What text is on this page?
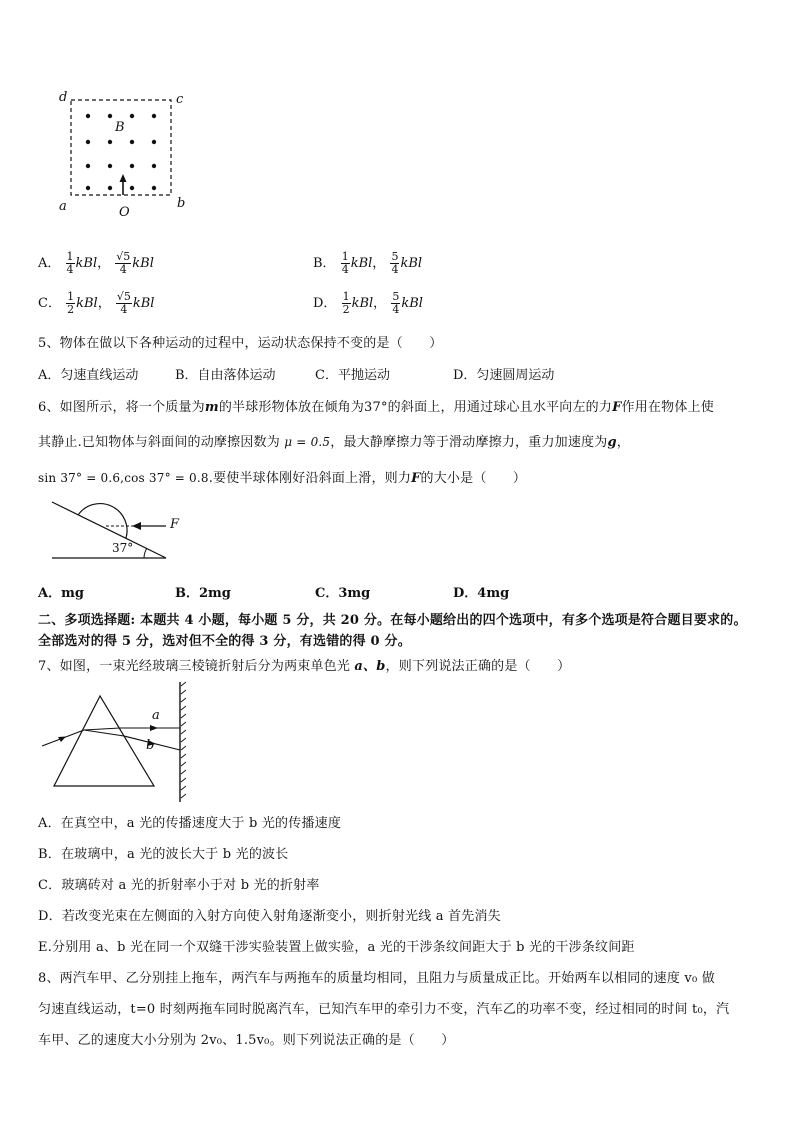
d	c
a	b
B
O
A． $\frac{1}{4}$ kBl， $\frac{√5}{4}$ kBl	B． $\frac{1}{4}$ kBl， $\frac{5}{4}$ kBl
C． $\frac{1}{2}$ kBl， $\frac{√5}{4}$ kBl	D． $\frac{1}{2}$ kBl， $\frac{5}{4}$ kBl
5、物体在做以下各种运动的过程中，运动状态保持不变的是（　　）
A．匀速直线运动	B．自由落体运动	C．平抛运动	D．匀速圆周运动
6、如图所示，将一个质量为m的半球形物体放在倾角为37°的斜面上，用通过球心且水平向左的力F作用在物体上使
其静止.已知物体与斜面间的动摩擦因数为 μ = 0.5，最大静摩擦力等于滑动摩擦力，重力加速度为g，
sin 37° = 0.6,cos 37° = 0.8.要使半球体刚好沿斜面上滑，则力F的大小是（　　）
F
37°
A．mg	B．2mg	C．3mg	D．4mg
二、多项选择题: 本题共 4 小题，每小题 5 分，共 20 分。在每小题给出的四个选项中，有多个选项是符合题目要求的。
全部选对的得 5 分，选对但不全的得 3 分，有选错的得 0 分。
7、如图，一束光经玻璃三棱镜折射后分为两束单色光 a、b，则下列说法正确的是（　　）
a
b
A．在真空中，a 光的传播速度大于 b 光的传播速度
B．在玻璃中，a 光的波长大于 b 光的波长
C．玻璃砖对 a 光的折射率小于对 b 光的折射率
D．若改变光束在左侧面的入射方向使入射角逐渐变小，则折射光线 a 首先消失
E.分别用 a、b 光在同一个双缝干涉实验装置上做实验，a 光的干涉条纹间距大于 b 光的干涉条纹间距
8、两汽车甲、乙分别挂上拖车，两汽车与两拖车的质量均相同，且阻力与质量成正比。开始两车以相同的速度 v₀ 做
匀速直线运动，t=0 时刻两拖车同时脱离汽车，已知汽车甲的牵引力不变，汽车乙的功率不变，经过相同的时间 t₀，汽
车甲、乙的速度大小分别为 2v₀、1.5v₀。则下列说法正确的是（　　）
